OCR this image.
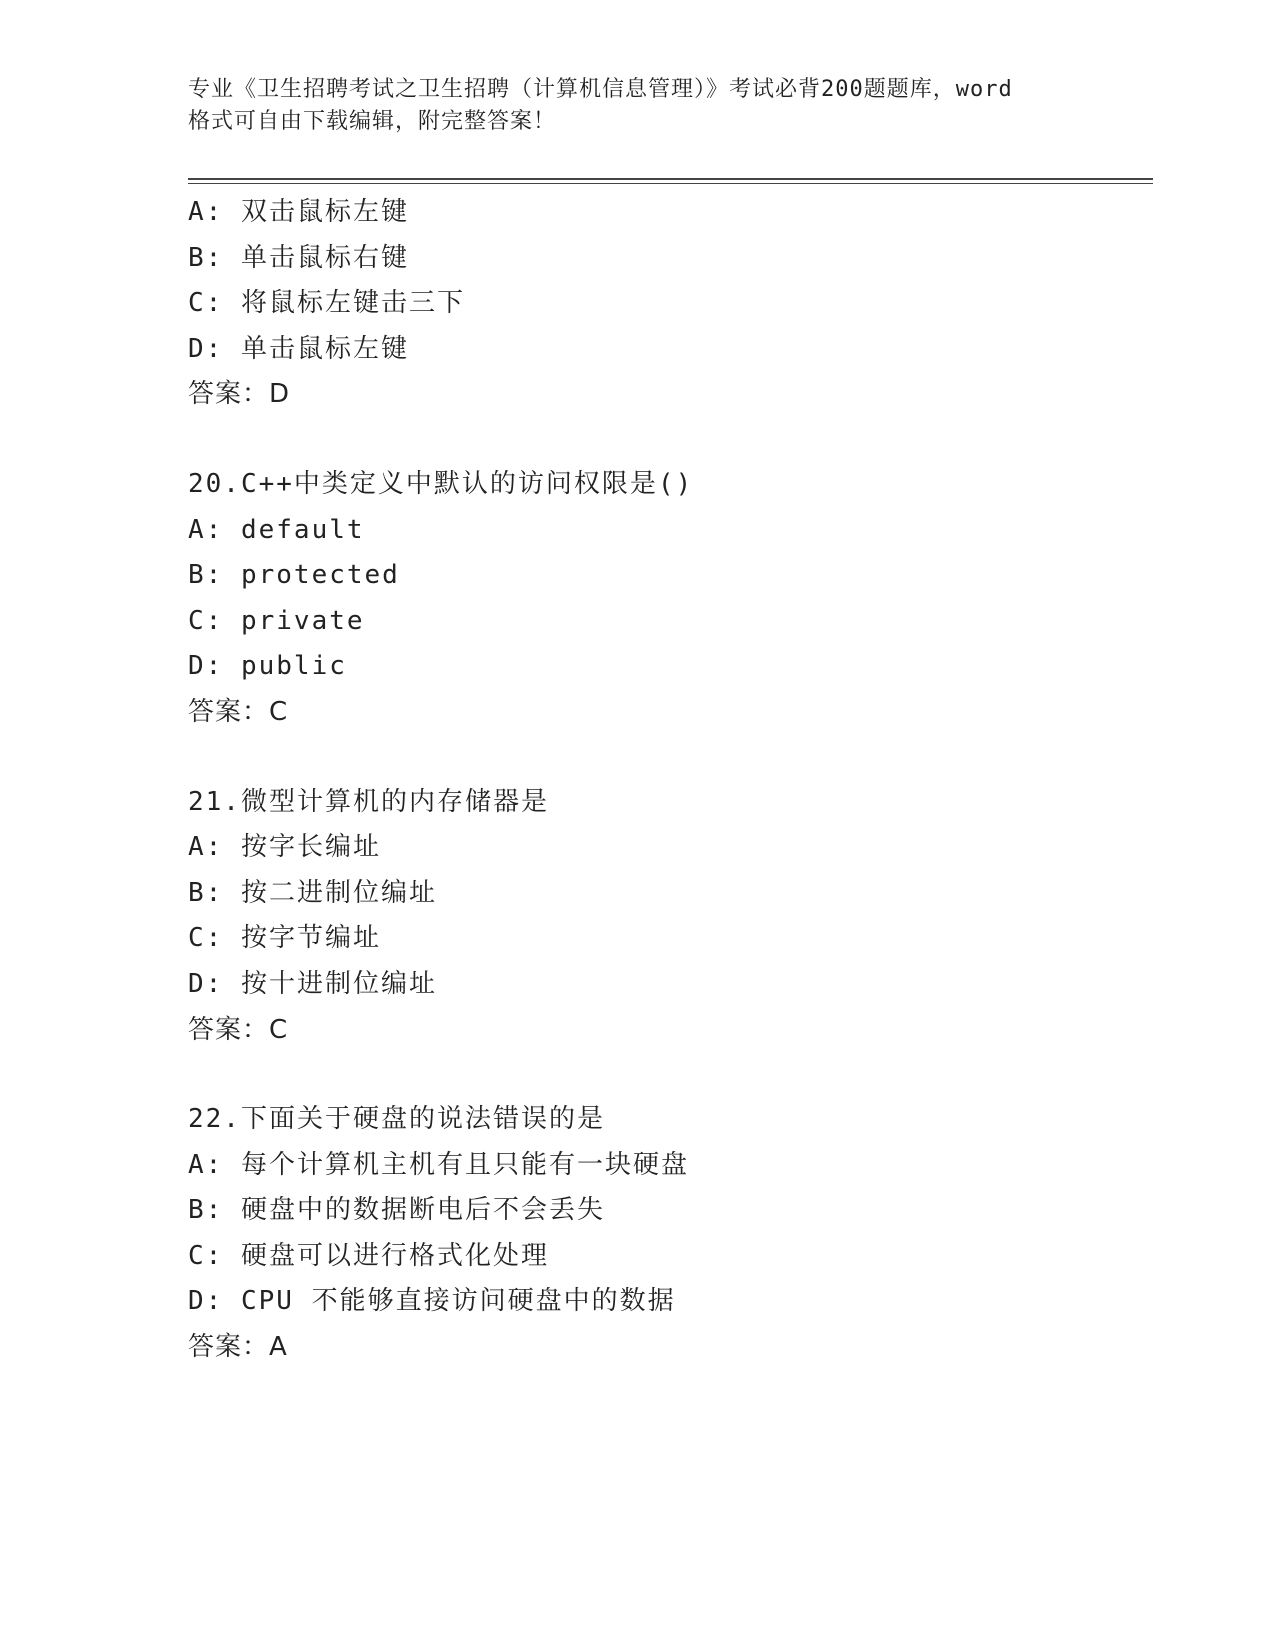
专业《卫生招聘考试之卫生招聘（计算机信息管理）》考试必背200题题库，word
格式可自由下载编辑，附完整答案！
A: 双击鼠标左键
B: 单击鼠标右键
C: 将鼠标左键击三下
D: 单击鼠标左键
答案：D
20.C++中类定义中默认的访问权限是()
A: default
B: protected
C: private
D: public
答案：C
21.微型计算机的内存储器是
A: 按字长编址
B: 按二进制位编址
C: 按字节编址
D: 按十进制位编址
答案：C
22.下面关于硬盘的说法错误的是
A: 每个计算机主机有且只能有一块硬盘
B: 硬盘中的数据断电后不会丢失
C: 硬盘可以进行格式化处理
D: CPU 不能够直接访问硬盘中的数据
答案：A
